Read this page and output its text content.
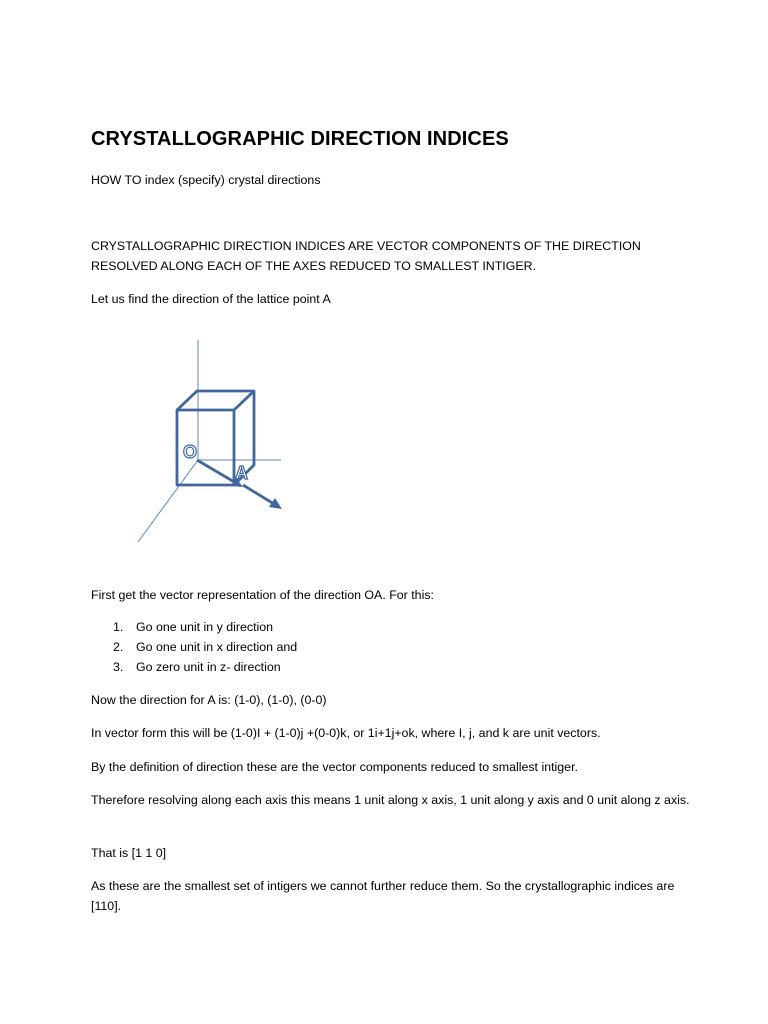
CRYSTALLOGRAPHIC DIRECTION INDICES

HOW TO index (specify) crystal directions

CRYSTALLOGRAPHIC DIRECTION INDICES ARE VECTOR COMPONENTS OF THE DIRECTION RESOLVED ALONG EACH OF THE AXES REDUCED TO SMALLEST INTIGER.

Let us find the direction of the lattice point A

O
A

First get the vector representation of the direction OA. For this:

1. Go one unit in y direction
2. Go one unit in x direction and
3. Go zero unit in z- direction

Now the direction for A is: (1-0), (1-0), (0-0)

In vector form this will be (1-0)I + (1-0)j +(0-0)k, or 1i+1j+ok, where I, j, and k are unit vectors.

By the definition of direction these are the vector components reduced to smallest intiger.

Therefore resolving along each axis this means 1 unit along x axis, 1 unit along y axis and 0 unit along z axis.

That is [1 1 0]

As these are the smallest set of intigers we cannot further reduce them. So the crystallographic indices are [110].
